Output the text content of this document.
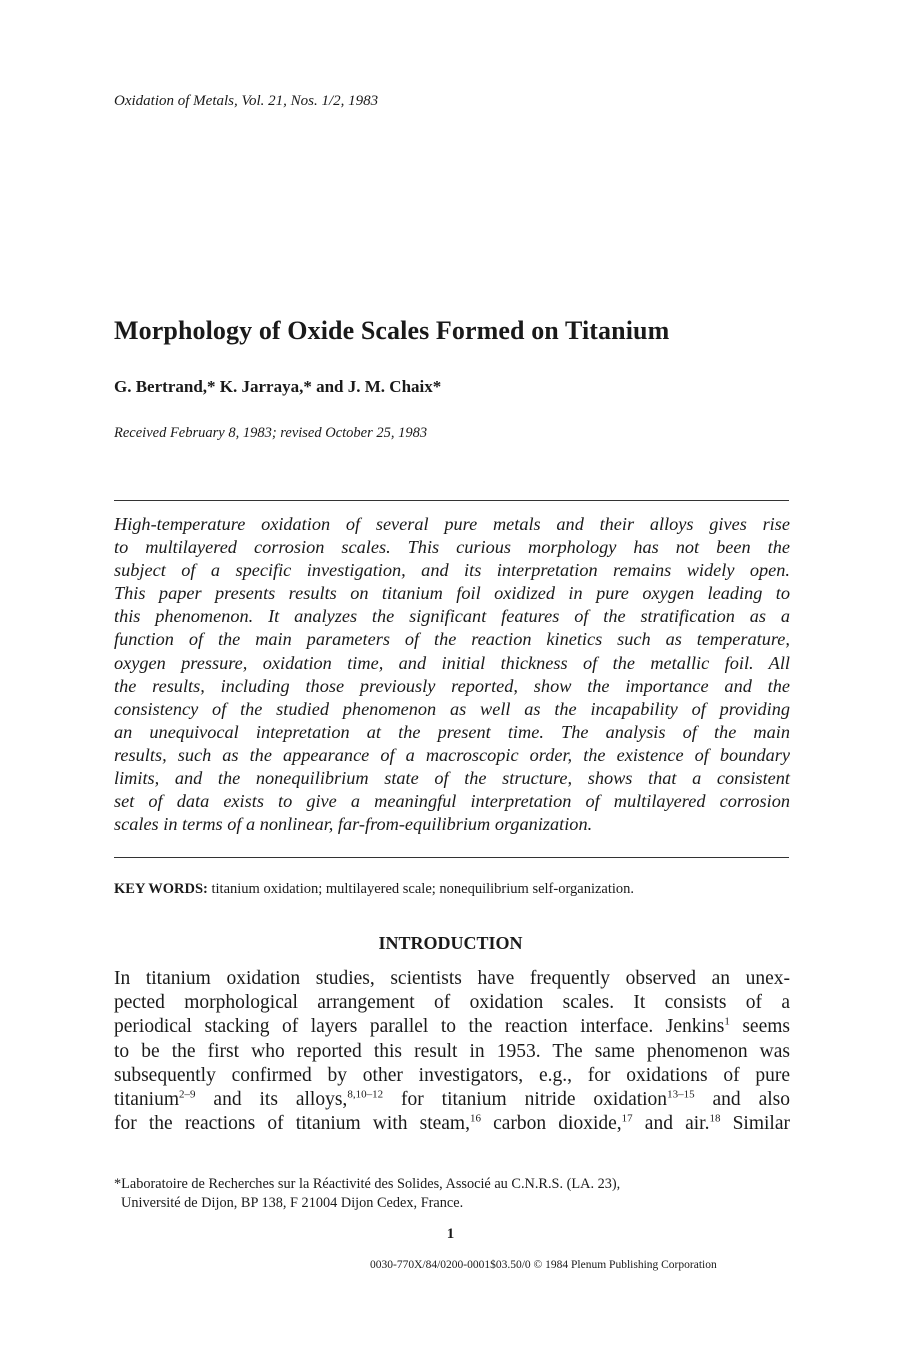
Oxidation of Metals, Vol. 21, Nos. 1/2, 1983
Morphology of Oxide Scales Formed on Titanium
G. Bertrand,* K. Jarraya,* and J. M. Chaix*
Received February 8, 1983; revised October 25, 1983
High-temperature oxidation of several pure metals and their alloys gives rise
to multilayered corrosion scales. This curious morphology has not been the
subject of a specific investigation, and its interpretation remains widely open.
This paper presents results on titanium foil oxidized in pure oxygen leading to
this phenomenon. It analyzes the significant features of the stratification as a
function of the main parameters of the reaction kinetics such as temperature,
oxygen pressure, oxidation time, and initial thickness of the metallic foil. All
the results, including those previously reported, show the importance and the
consistency of the studied phenomenon as well as the incapability of providing
an unequivocal intepretation at the present time. The analysis of the main
results, such as the appearance of a macroscopic order, the existence of boundary
limits, and the nonequilibrium state of the structure, shows that a consistent
set of data exists to give a meaningful interpretation of multilayered corrosion
scales in terms of a nonlinear, far-from-equilibrium organization.
KEY WORDS: titanium oxidation; multilayered scale; nonequilibrium self-organization.
INTRODUCTION
In titanium oxidation studies, scientists have frequently observed an unex-
pected morphological arrangement of oxidation scales. It consists of a
periodical stacking of layers parallel to the reaction interface. Jenkins$^1$ seems
to be the first who reported this result in 1953. The same phenomenon was
subsequently confirmed by other investigators, e.g., for oxidations of pure
titanium$^{2-9}$ and its alloys,$^{8,10-12}$ for titanium nitride oxidation$^{13-15}$ and also
for the reactions of titanium with steam,$^{16}$ carbon dioxide,$^{17}$ and air.$^{18}$ Similar
*Laboratoire de Recherches sur la Réactivité des Solides, Associé au C.N.R.S. (LA. 23),
Université de Dijon, BP 138, F 21004 Dijon Cedex, France.
1
0030-770X/84/0200-0001$03.50/0 © 1984 Plenum Publishing Corporation
